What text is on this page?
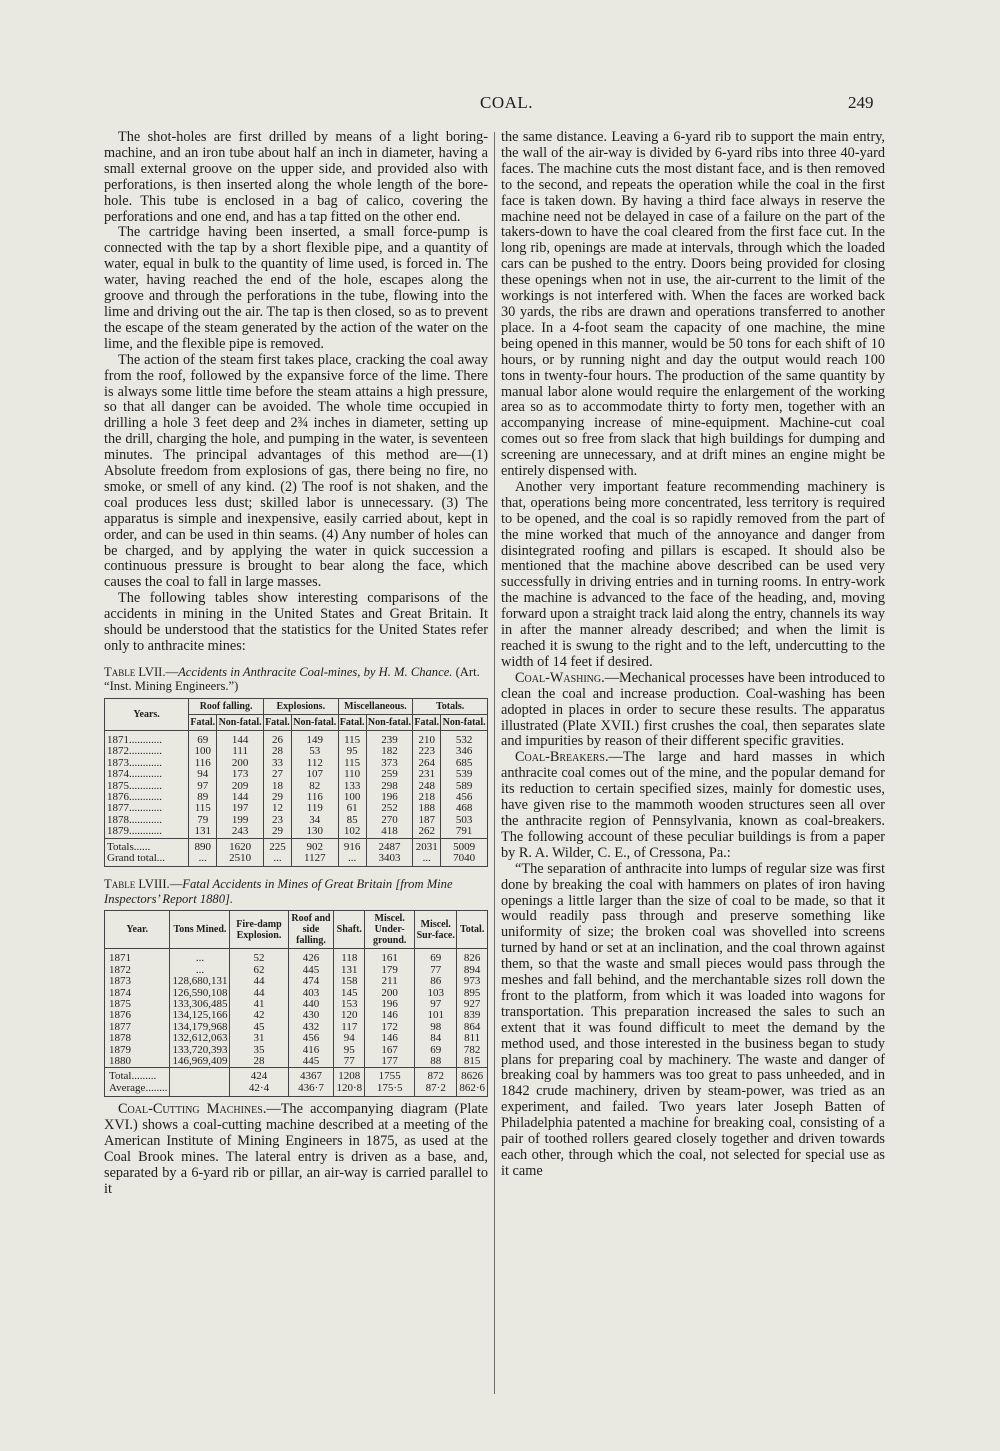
COAL.	249

The shot-holes are first drilled by means of a light boring-machine, and an iron tube about half an inch in diameter, having a small external groove on the upper side, and provided also with perforations, is then inserted along the whole length of the bore-hole. This tube is enclosed in a bag of calico, covering the perforations and one end, and has a tap fitted on the other end.

The cartridge having been inserted, a small force-pump is connected with the tap by a short flexible pipe, and a quantity of water, equal in bulk to the quantity of lime used, is forced in. The water, having reached the end of the hole, escapes along the groove and through the perforations in the tube, flowing into the lime and driving out the air. The tap is then closed, so as to prevent the escape of the steam generated by the action of the water on the lime, and the flexible pipe is removed.

The action of the steam first takes place, cracking the coal away from the roof, followed by the expansive force of the lime. There is always some little time before the steam attains a high pressure, so that all danger can be avoided. The whole time occupied in drilling a hole 3 feet deep and 2¾ inches in diameter, setting up the drill, charging the hole, and pumping in the water, is seventeen minutes. The principal advantages of this method are—(1) Absolute freedom from explosions of gas, there being no fire, no smoke, or smell of any kind. (2) The roof is not shaken, and the coal produces less dust; skilled labor is unnecessary. (3) The apparatus is simple and inexpensive, easily carried about, kept in order, and can be used in thin seams. (4) Any number of holes can be charged, and by applying the water in quick succession a continuous pressure is brought to bear along the face, which causes the coal to fall in large masses.

The following tables show interesting comparisons of the accidents in mining in the United States and Great Britain. It should be understood that the statistics for the United States refer only to anthracite mines:

Table LVII.—Accidents in Anthracite Coal-mines, by H. M. Chance. (Art. “Inst. Mining Engineers.”)
Years.	Roof falling.		Explosions.		Miscellaneous.		Totals.	
	Fatal.	Non-fatal.	Fatal.	Non-fatal.	Fatal.	Non-fatal.	Fatal.	Non-fatal.
1871............	69	144	26	149	115	239	210	532
1872............	100	111	28	53	95	182	223	346
1873............	116	200	33	112	115	373	264	685
1874............	94	173	27	107	110	259	231	539
1875............	97	209	18	82	133	298	248	589
1876............	89	144	29	116	100	196	218	456
1877............	115	197	12	119	61	252	188	468
1878............	79	199	23	34	85	270	187	503
1879............	131	243	29	130	102	418	262	791
Totals......	890	1620	225	902	916	2487	2031	5009
Grand total...	...	2510	...	1127	...	3403	...	7040
Table LVIII.—Fatal Accidents in Mines of Great Britain [from Mine Inspectors’ Report 1880].
Year.	Tons Mined.	Fire-damp Explosion.	Roof and side falling.	Shaft.	Miscel. Under-ground.	Miscel. Sur-face.	Total.
1871	...	52	426	118	161	69	826
1872	...	62	445	131	179	77	894
1873	128,680,131	44	474	158	211	86	973
1874	126,590,108	44	403	145	200	103	895
1875	133,306,485	41	440	153	196	97	927
1876	134,125,166	42	430	120	146	101	839
1877	134,179,968	45	432	117	172	98	864
1878	132,612,063	31	456	94	146	84	811
1879	133,720,393	35	416	95	167	69	782
1880	146,969,409	28	445	77	177	88	815
Total.........		424	4367	1208	1755	872	8626
Average........		42·4	436·7	120·8	175·5	87·2	862·6

Coal-Cutting Machines.—The accompanying diagram (Plate XVI.) shows a coal-cutting machine described at a meeting of the American Institute of Mining Engineers in 1875, as used at the Coal Brook mines. The lateral entry is driven as a base, and, separated by a 6-yard rib or pillar, an air-way is carried parallel to it

the same distance. Leaving a 6-yard rib to support the main entry, the wall of the air-way is divided by 6-yard ribs into three 40-yard faces. The machine cuts the most distant face, and is then removed to the second, and repeats the operation while the coal in the first face is taken down. By having a third face always in reserve the machine need not be delayed in case of a failure on the part of the takers-down to have the coal cleared from the first face cut. In the long rib, openings are made at intervals, through which the loaded cars can be pushed to the entry. Doors being provided for closing these openings when not in use, the air-current to the limit of the workings is not interfered with. When the faces are worked back 30 yards, the ribs are drawn and operations transferred to another place. In a 4-foot seam the capacity of one machine, the mine being opened in this manner, would be 50 tons for each shift of 10 hours, or by running night and day the output would reach 100 tons in twenty-four hours. The production of the same quantity by manual labor alone would require the enlargement of the working area so as to accommodate thirty to forty men, together with an accompanying increase of mine-equipment. Machine-cut coal comes out so free from slack that high buildings for dumping and screening are unnecessary, and at drift mines an engine might be entirely dispensed with.

Another very important feature recommending machinery is that, operations being more concentrated, less territory is required to be opened, and the coal is so rapidly removed from the part of the mine worked that much of the annoyance and danger from disintegrated roofing and pillars is escaped. It should also be mentioned that the machine above described can be used very successfully in driving entries and in turning rooms. In entry-work the machine is advanced to the face of the heading, and, moving forward upon a straight track laid along the entry, channels its way in after the manner already described; and when the limit is reached it is swung to the right and to the left, undercutting to the width of 14 feet if desired.

Coal-Washing.—Mechanical processes have been introduced to clean the coal and increase production. Coal-washing has been adopted in places in order to secure these results. The apparatus illustrated (Plate XVII.) first crushes the coal, then separates slate and impurities by reason of their different specific gravities.

Coal-Breakers.—The large and hard masses in which anthracite coal comes out of the mine, and the popular demand for its reduction to certain specified sizes, mainly for domestic uses, have given rise to the mammoth wooden structures seen all over the anthracite region of Pennsylvania, known as coal-breakers. The following account of these peculiar buildings is from a paper by R. A. Wilder, C. E., of Cressona, Pa.:

“The separation of anthracite into lumps of regular size was first done by breaking the coal with hammers on plates of iron having openings a little larger than the size of coal to be made, so that it would readily pass through and preserve something like uniformity of size; the broken coal was shovelled into screens turned by hand or set at an inclination, and the coal thrown against them, so that the waste and small pieces would pass through the meshes and fall behind, and the merchantable sizes roll down the front to the platform, from which it was loaded into wagons for transportation. This preparation increased the sales to such an extent that it was found difficult to meet the demand by the method used, and those interested in the business began to study plans for preparing coal by machinery. The waste and danger of breaking coal by hammers was too great to pass unheeded, and in 1842 crude machinery, driven by steam-power, was tried as an experiment, and failed. Two years later Joseph Batten of Philadelphia patented a machine for breaking coal, consisting of a pair of toothed rollers geared closely together and driven towards each other, through which the coal, not selected for special use as it came
